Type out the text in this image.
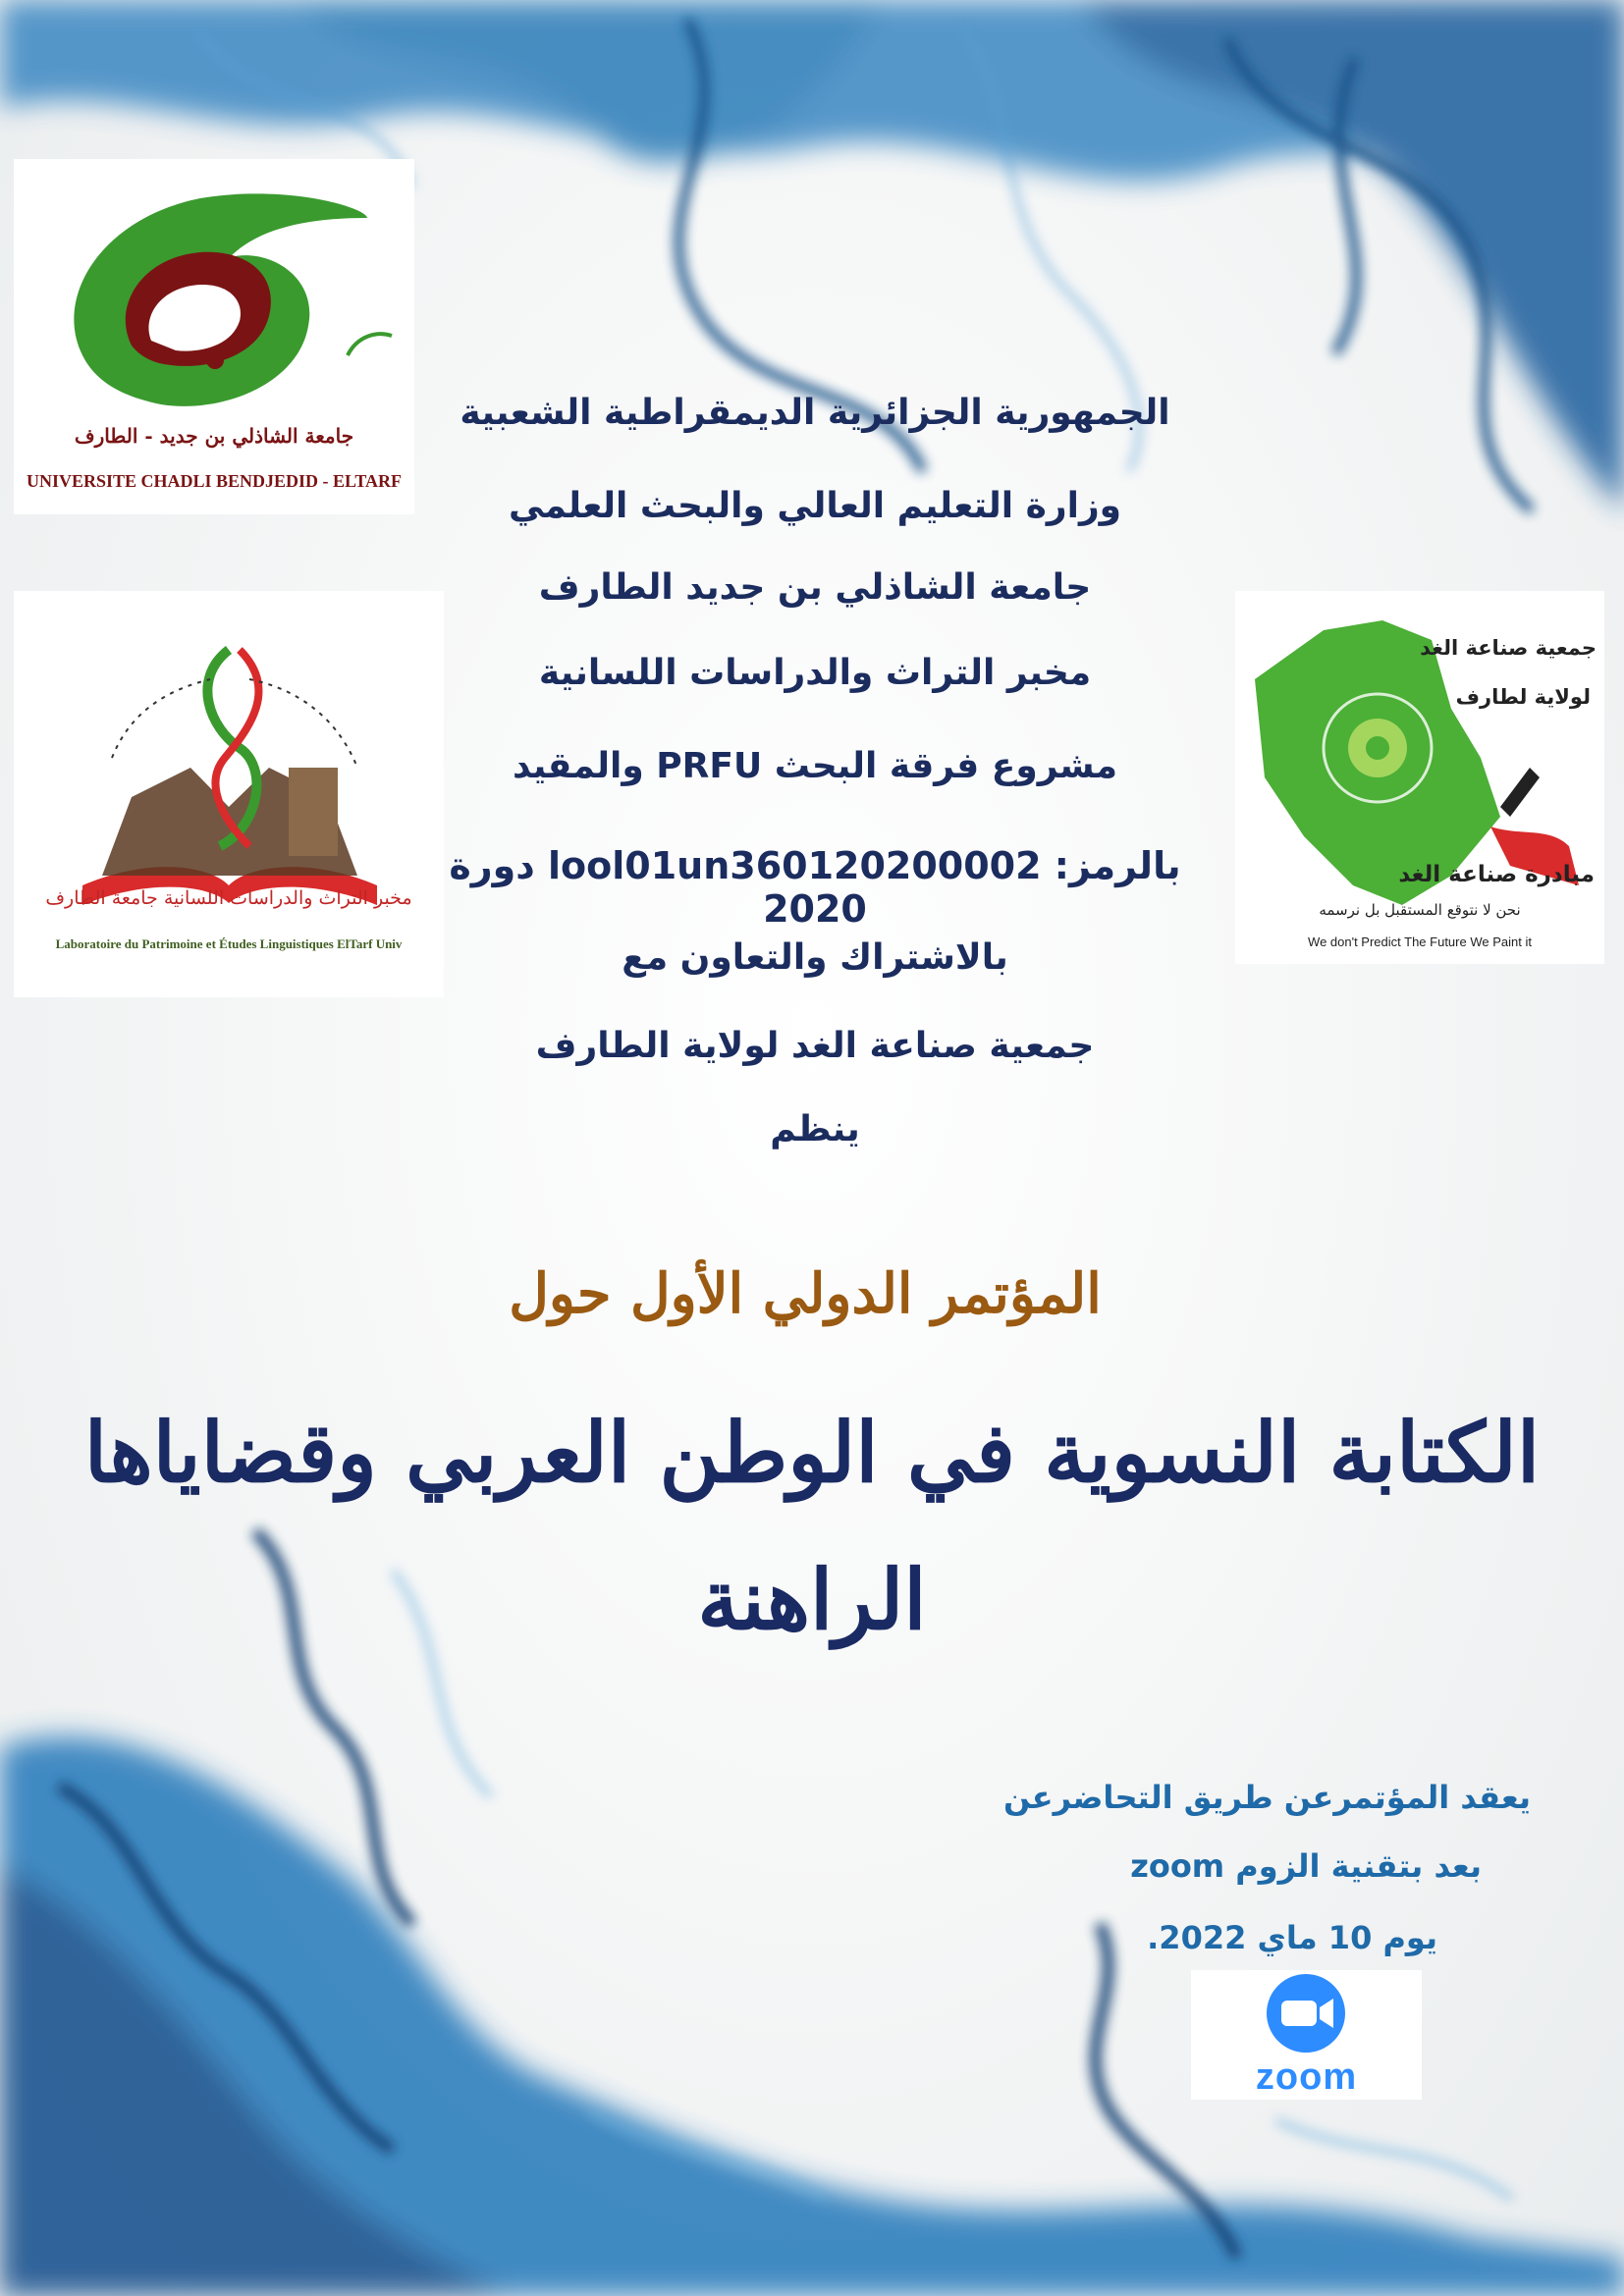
جامعة الشاذلي بن جديد - الطارف
UNIVERSITE CHADLI BENDJEDID - ELTARF
مخبر التراث والدراسات اللسانية جامعة الطارف
Laboratoire du Patrimoine et Études Linguistiques ElTarf Univ
جمعية صناعة الغد
لولاية لطارف
مبادرة صناعة الغد
نحن لا نتوقع المستقبل بل نرسمه
We don't Predict The Future We Paint it
الجمهورية الجزائرية الديمقراطية الشعبية
وزارة التعليم العالي والبحث العلمي
جامعة الشاذلي بن جديد الطارف
مخبر التراث والدراسات اللسانية
مشروع فرقة البحث PRFU والمقيد
بالرمز: lool01un360120200002 دورة 2020
بالاشتراك والتعاون مع
جمعية صناعة الغد لولاية الطارف
ينظم
المؤتمر الدولي الأول حول
الكتابة النسوية في الوطن العربي وقضاياها
الراهنة
يعقد المؤتمرعن طريق التحاضرعن
بعد بتقنية الزوم zoom
يوم 10 ماي 2022.
zoom
